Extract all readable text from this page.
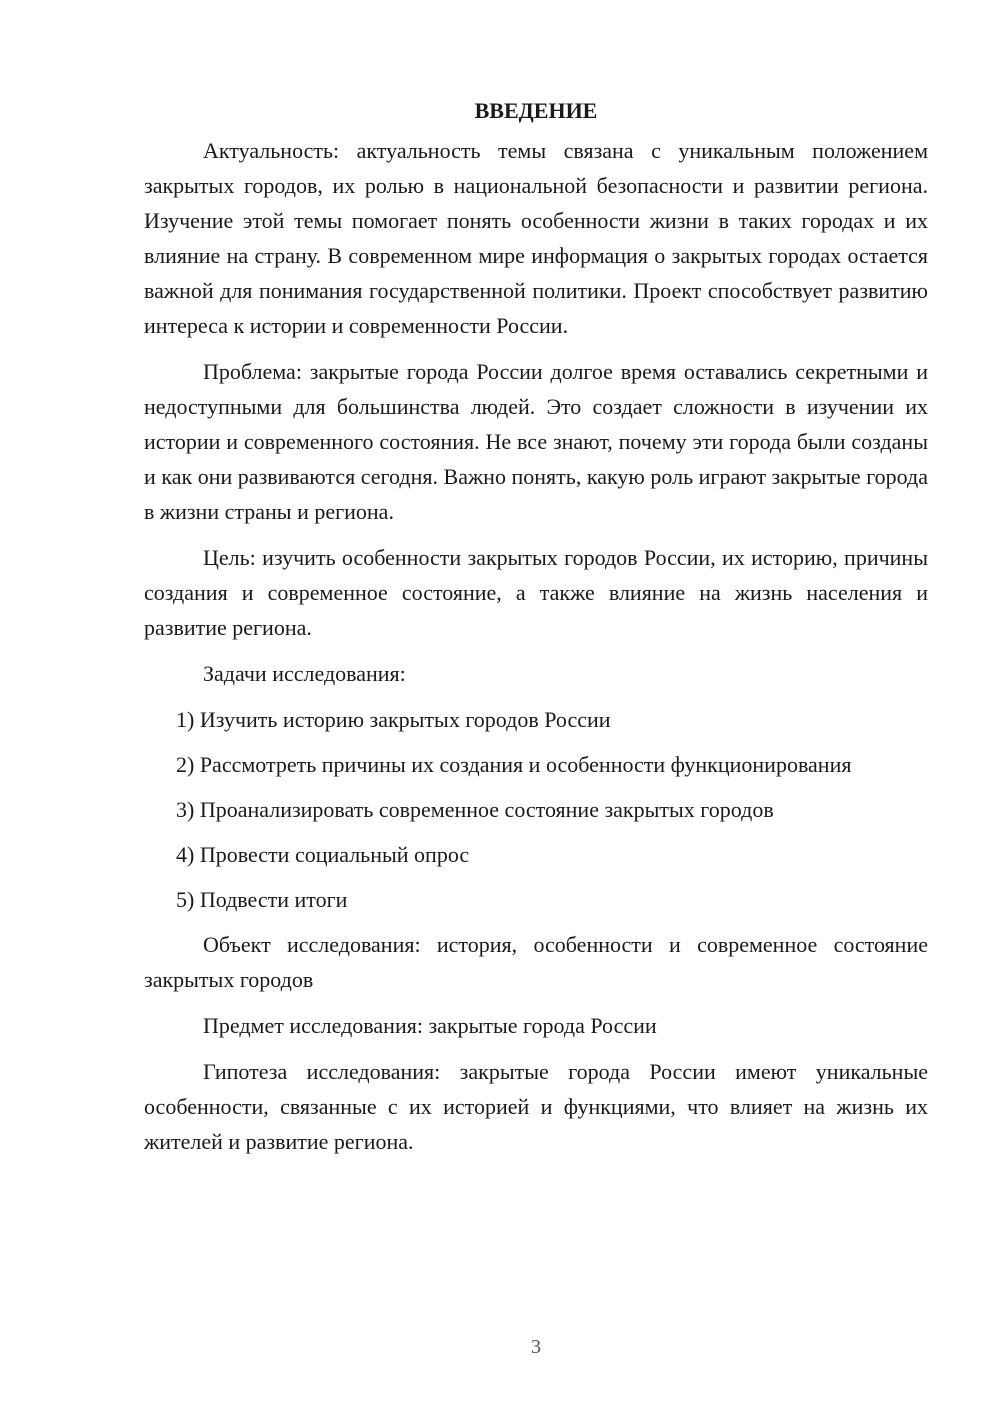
ВВЕДЕНИЕ

Актуальность: актуальность темы связана с уникальным положением закрытых городов, их ролью в национальной безопасности и развитии региона. Изучение этой темы помогает понять особенности жизни в таких городах и их влияние на страну. В современном мире информация о закрытых городах остается важной для понимания государственной политики. Проект способствует развитию интереса к истории и современности России.

Проблема: закрытые города России долгое время оставались секретными и недоступными для большинства людей. Это создает сложности в изучении их истории и современного состояния. Не все знают, почему эти города были созданы и как они развиваются сегодня. Важно понять, какую роль играют закрытые города в жизни страны и региона.

Цель: изучить особенности закрытых городов России, их историю, причины создания и современное состояние, а также влияние на жизнь населения и развитие региона.

Задачи исследования:

1) Изучить историю закрытых городов России

2) Рассмотреть причины их создания и особенности функционирования

3) Проанализировать современное состояние закрытых городов

4) Провести социальный опрос

5) Подвести итоги

Объект исследования: история, особенности и современное состояние закрытых городов

Предмет исследования: закрытые города России

Гипотеза исследования: закрытые города России имеют уникальные особенности, связанные с их историей и функциями, что влияет на жизнь их жителей и развитие региона.

3
